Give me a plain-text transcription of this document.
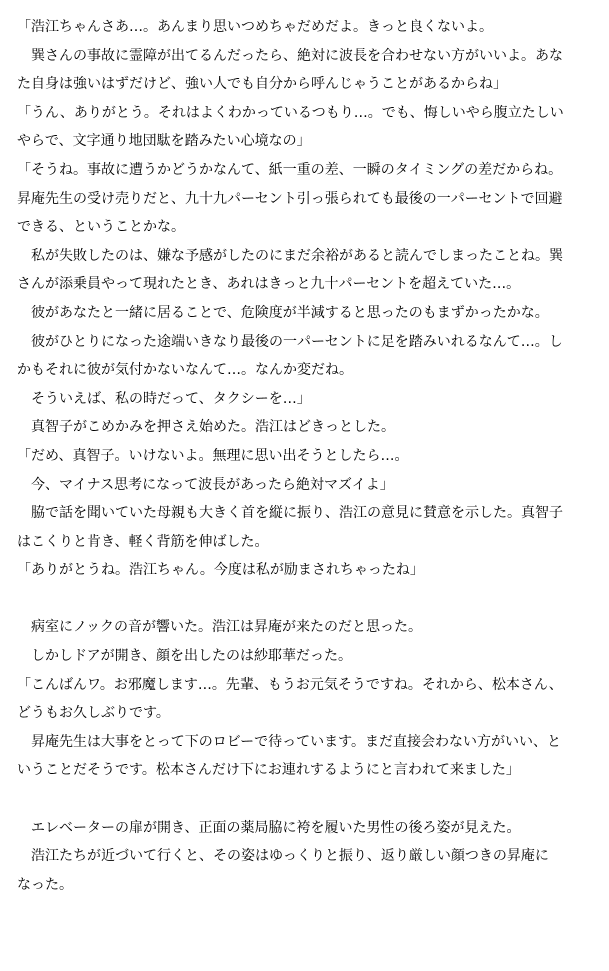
「浩江ちゃんさあ…。あんまり思いつめちゃだめだよ。きっと良くないよ。
　巽さんの事故に霊障が出てるんだったら、絶対に波長を合わせない方がいいよ。あな
た自身は強いはずだけど、強い人でも自分から呼んじゃうことがあるからね」
「うん、ありがとう。それはよくわかっているつもり…。でも、悔しいやら腹立たしい
やらで、文字通り地団駄を踏みたい心境なの」
「そうね。事故に遭うかどうかなんて、紙一重の差、一瞬のタイミングの差だからね。
昇庵先生の受け売りだと、九十九パーセント引っ張られても最後の一パーセントで回避
できる、ということかな。
　私が失敗したのは、嫌な予感がしたのにまだ余裕があると読んでしまったことね。巽
さんが添乗員やって現れたとき、あれはきっと九十パーセントを超えていた…。
　彼があなたと一緒に居ることで、危険度が半減すると思ったのもまずかったかな。
　彼がひとりになった途端いきなり最後の一パーセントに足を踏みいれるなんて…。し
かもそれに彼が気付かないなんて…。なんか変だね。
　そういえば、私の時だって、タクシーを…」
　真智子がこめかみを押さえ始めた。浩江はどきっとした。
「だめ、真智子。いけないよ。無理に思い出そうとしたら…。
　今、マイナス思考になって波長があったら絶対マズイよ」
　脇で話を聞いていた母親も大きく首を縦に振り、浩江の意見に賛意を示した。真智子
はこくりと肯き、軽く背筋を伸ばした。
「ありがとうね。浩江ちゃん。今度は私が励まされちゃったね」
　病室にノックの音が響いた。浩江は昇庵が来たのだと思った。
　しかしドアが開き、顔を出したのは紗耶華だった。
「こんばんワ。お邪魔します…。先輩、もうお元気そうですね。それから、松本さん、
どうもお久しぶりです。
　昇庵先生は大事をとって下のロビーで待っています。まだ直接会わない方がいい、と
いうことだそうです。松本さんだけ下にお連れするようにと言われて来ました」
　エレベーターの扉が開き、正面の薬局脇に袴を履いた男性の後ろ姿が見えた。
　浩江たちが近づいて行くと、その姿はゆっくりと振り、返り厳しい顔つきの昇庵に
なった。
